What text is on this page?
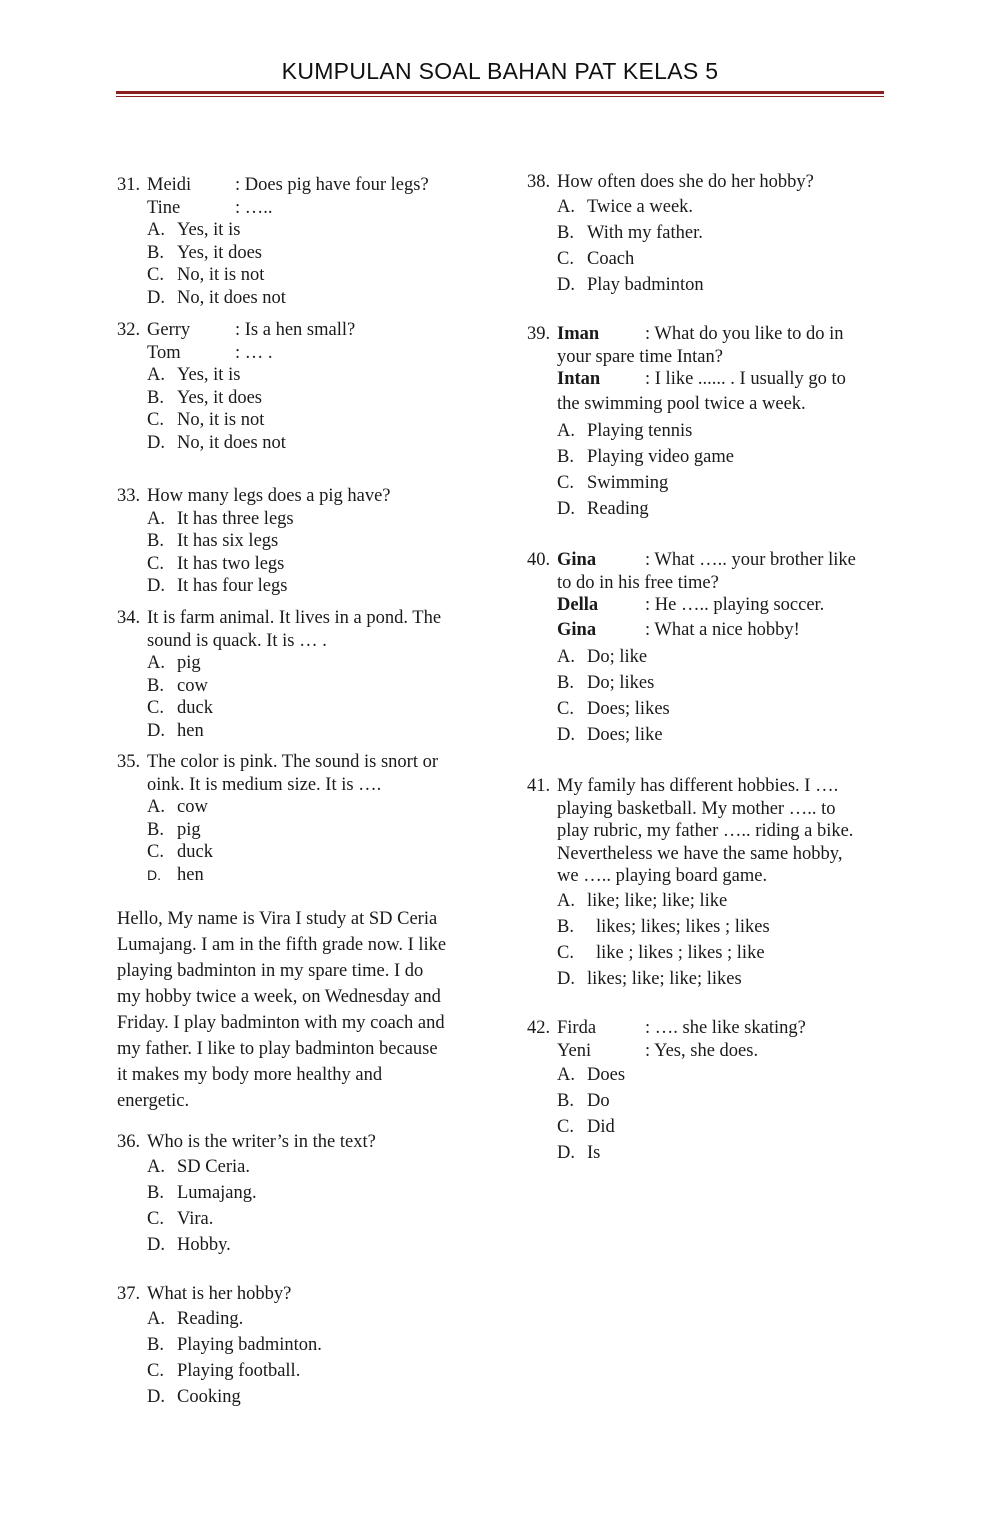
KUMPULAN SOAL BAHAN PAT KELAS 5
31. Meidi : Does pig have four legs?
Tine	: …..
A. Yes, it is
B. Yes, it does
C. No, it is not
D. No, it does not
32. Gerry : Is a hen small?
Tom	: … .
A. Yes, it is
B. Yes, it does
C. No, it is not
D. No, it does not
33. How many legs does a pig have?
A. It has three legs
B. It has six legs
C. It has two legs
D. It has four legs
34. It is farm animal. It lives in a pond. The
sound is quack. It is … .
A. pig
B. cow
C. duck
D. hen
35. The color is pink. The sound is snort or
oink. It is medium size. It is ….
A. cow
B. pig
C. duck
D. hen
Hello, My name is Vira I study at SD Ceria
Lumajang. I am in the fifth grade now. I like
playing badminton in my spare time. I do
my hobby twice a week, on Wednesday and
Friday. I play badminton with my coach and
my father. I like to play badminton because
it makes my body more healthy and
energetic.
36. Who is the writer’s in the text?
A. SD Ceria.
B. Lumajang.
C. Vira.
D. Hobby.
37. What is her hobby?
A. Reading.
B. Playing badminton.
C. Playing football.
D. Cooking
38. How often does she do her hobby?
A. Twice a week.
B. With my father.
C. Coach
D. Play badminton
39. Iman : What do you like to do in
your spare time Intan?
Intan : I like ...... . I usually go to
the swimming pool twice a week.
A. Playing tennis
B. Playing video game
C. Swimming
D. Reading
40. Gina	: What ….. your brother like
to do in his free time?
Della	: He ….. playing soccer.
Gina	: What a nice hobby!
A. Do; like
B. Do; likes
C. Does; likes
D. Does; like
41. My family has different hobbies. I ….
playing basketball. My mother ….. to
play rubric, my father ….. riding a bike.
Nevertheless we have the same hobby,
we ….. playing board game.
A. like; like; like; like
B. likes; likes; likes ; likes
C. like ; likes ; likes ; like
D. likes; like; like; likes
42. Firda	: …. she like skating?
Yeni	: Yes, she does.
A. Does
B. Do
C. Did
D. Is
